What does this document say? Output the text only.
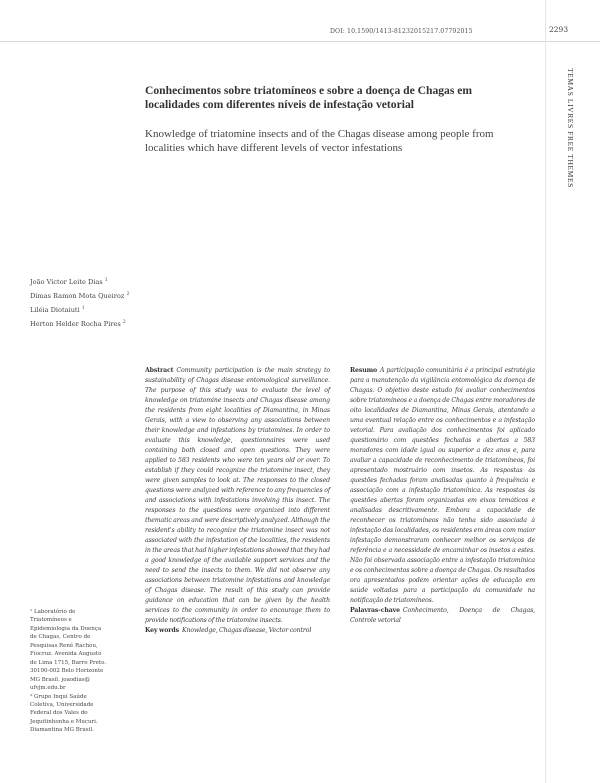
DOI: 10.1590/1413-81232015217.07792015	2293
TEMAS LIVRES FREE THEMES
Conhecimentos sobre triatomíneos e sobre a doença de Chagas em localidades com diferentes níveis de infestação vetorial
Knowledge of triatomine insects and of the Chagas disease among people from localities which have different levels of vector infestations
João Victor Leite Dias $^1$
Dimas Ramon Mota Queiroz $^2$
Liléia Diotaiuti $^1$
Herton Helder Rocha Pires $^2$
¹ Laboratório de
Triatomíneos e
Epidemiologia da Doença
de Chagas, Centro de
Pesquisas René Rachou,
Fiocruz. Avenida Augusto
de Lima 1715, Barro Preto.
30190-002 Belo Horizonte
MG Brasil. joaodias@
ufvjm.edu.br
² Grupo Inquí Saúde
Coletiva, Universidade
Federal dos Vales do
Jequitinhonha e Mucuri.
Diamantina MG Brasil.
Abstract Community participation is the main strategy to sustainability of Chagas disease entomological surveillance. The purpose of this study was to evaluate the level of knowledge on triatomine insects and Chagas disease among the residents from eight localities of Diamantina, in Minas Gerais, with a view to observing any associations between their knowledge and infestations by triatomines. In order to evaluate this knowledge, questionnaires were used containing both closed and open questions. They were applied to 583 residents who were ten years old or over. To establish if they could recognize the triatomine insect, they were given samples to look at. The responses to the closed questions were analyzed with reference to any frequencies of and associations with infestations involving this insect. The responses to the questions were organized into different thematic areas and were descriptively analyzed. Although the resident's ability to recognize the triatomine insect was not associated with the infestation of the localities, the residents in the areas that had higher infestations showed that they had a good knowledge of the available support services and the need to send the insects to them. We did not observe any associations between triatomine infestations and knowledge of Chagas disease. The result of this study can provide guidance on education that can be given by the health services to the community in order to encourage them to provide notifications of the triatomine insects.
Key words Knowledge, Chagas disease, Vector control
Resumo A participação comunitária é a principal estratégia para a manutenção da vigilância entomológica da doença de Chagas. O objetivo deste estudo foi avaliar conhecimentos sobre triatomíneos e a doença de Chagas entre moradores de oito localidades de Diamantina, Minas Gerais, atentando a uma eventual relação entre os conhecimentos e a infestação vetorial. Para avaliação dos conhecimentos foi aplicado questionário com questões fechadas e abertas a 583 moradores com idade igual ou superior a dez anos e, para avaliar a capacidade de reconhecimento de triatomíneos, foi apresentado mostruário com insetos. As respostas às questões fechadas foram analisadas quanto à frequência e associação com a infestação triatomínica. As respostas às questões abertas foram organizadas em eixos temáticos e analisadas descritivamente. Embora a capacidade de reconhecer os triatomíneos não tenha sido associada à infestação das localidades, os residentes em áreas com maior infestação demonstraram conhecer melhor os serviços de referência e a necessidade de encaminhar os insetos a estes. Não foi observada associação entre a infestação triatomínica e os conhecimentos sobre a doença de Chagas. Os resultados ora apresentados podem orientar ações de educação em saúde voltadas para a participação da comunidade na notificação de triatomíneos.
Palavras-chave Conhecimento, Doença de Chagas, Controle vetorial
